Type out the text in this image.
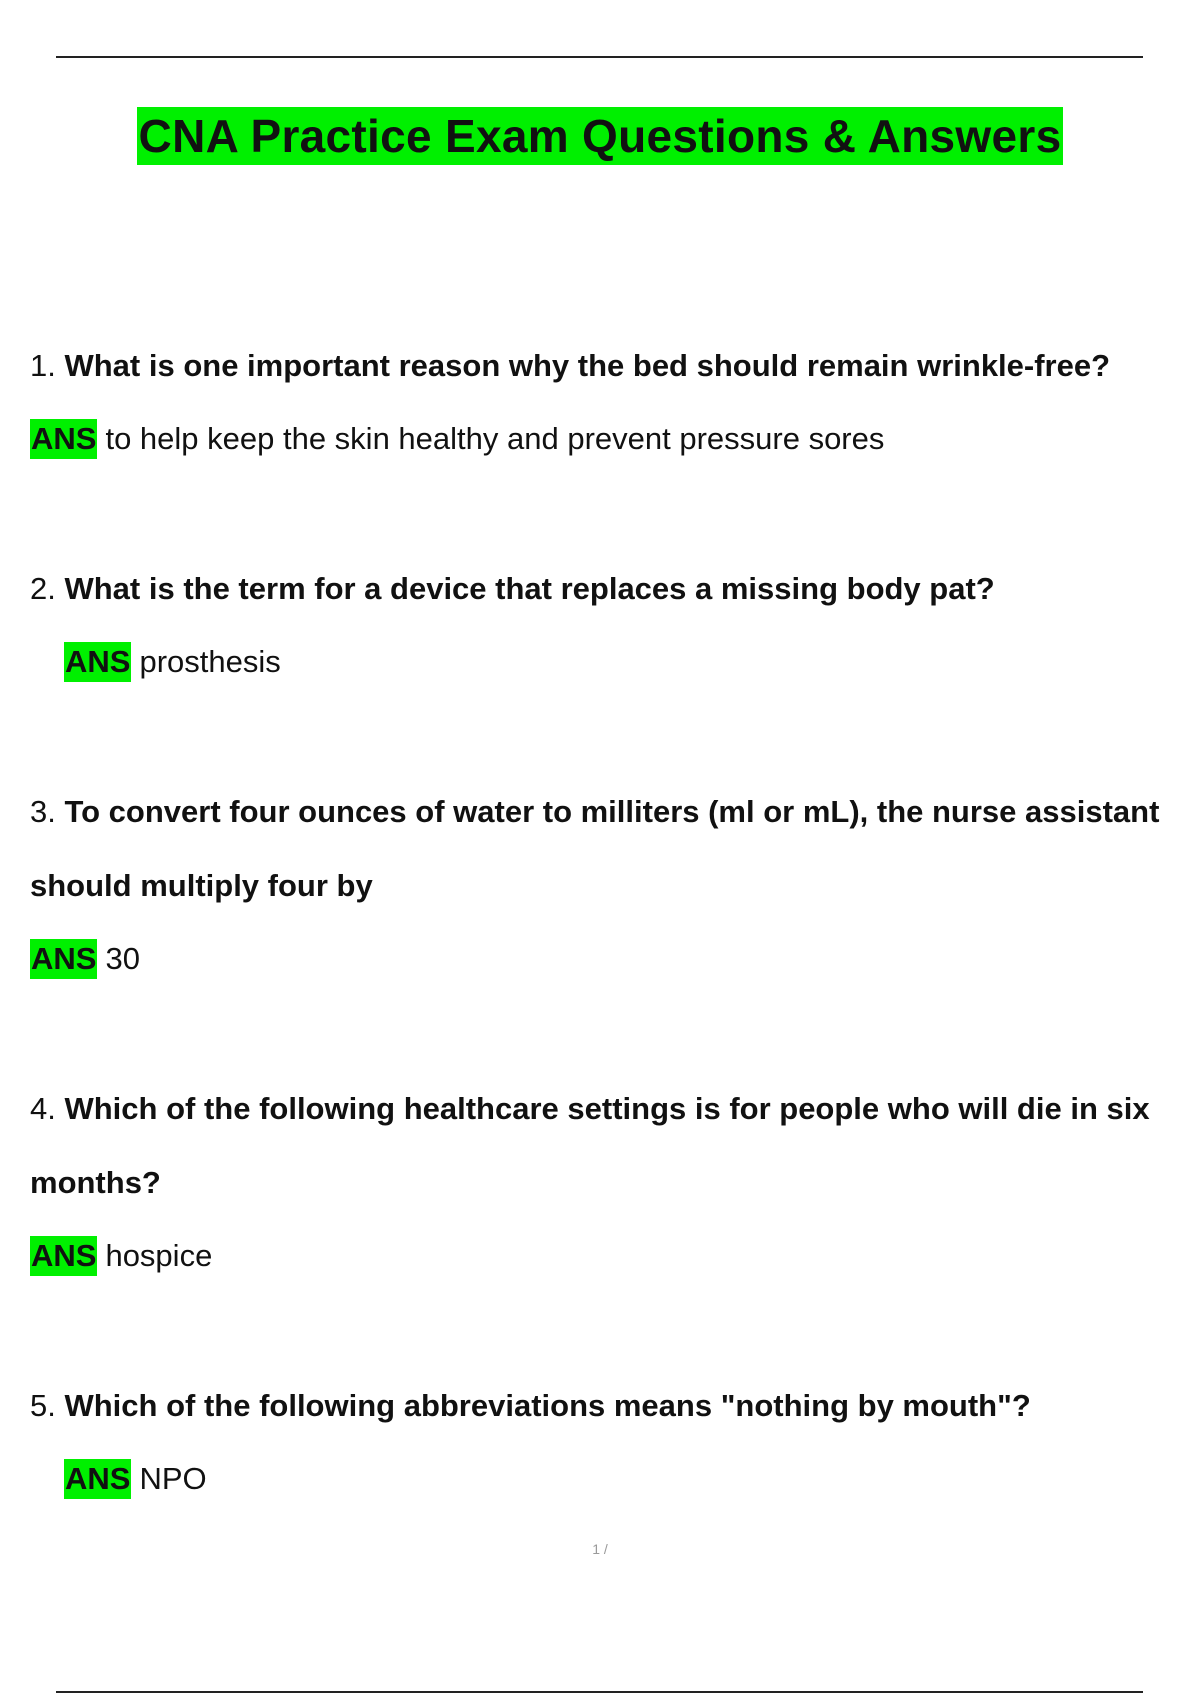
CNA Practice Exam Questions & Answers
1. What is one important reason why the bed should remain wrinkle-free?
ANS to help keep the skin healthy and prevent pressure sores
2. What is the term for a device that replaces a missing body pat?
ANS prosthesis
3. To convert four ounces of water to milliters (ml or mL), the nurse assistant
should multiply four by
ANS 30
4. Which of the following healthcare settings is for people who will die in six
months?
ANS hospice
5. Which of the following abbreviations means "nothing by mouth"?
ANS NPO
1 /
